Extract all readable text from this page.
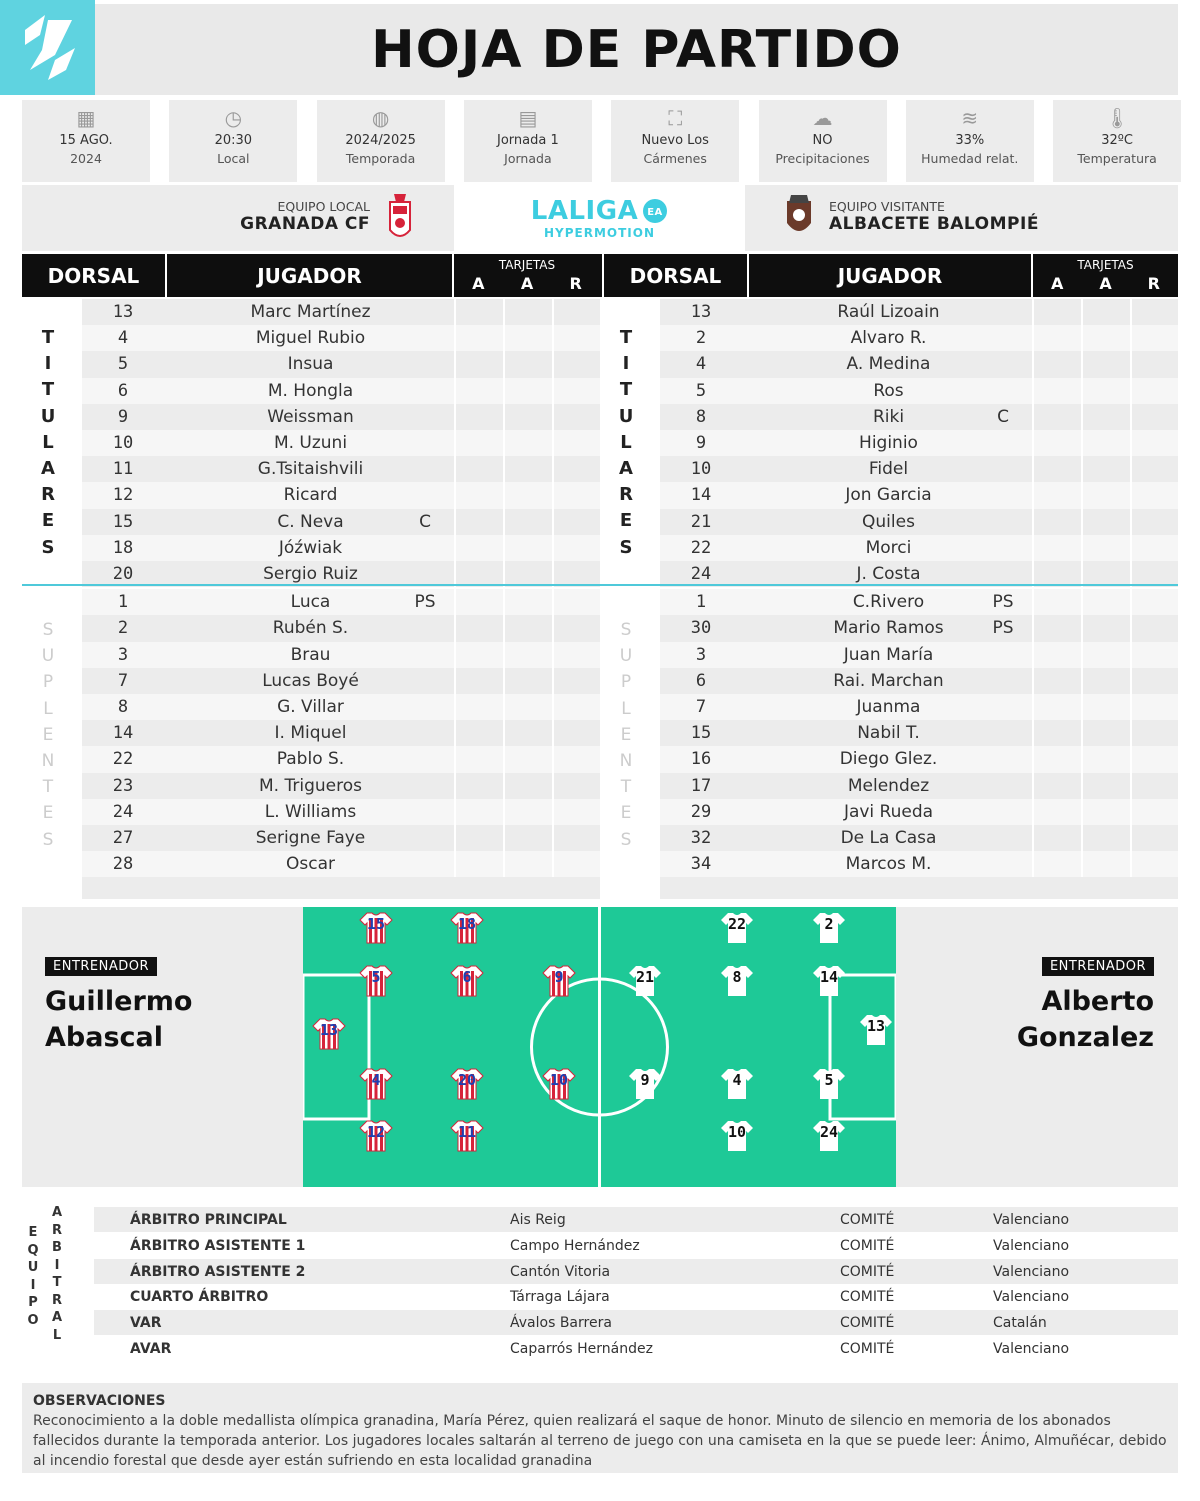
HOJA DE PARTIDO
▦
15 AGO.
2024
◷
20:30
Local
◍
2024/2025
Temporada
▤
Jornada 1
Jornada
⛶
Nuevo Los
Cármenes
☁
NO
Precipitaciones
≋
33%
Humedad relat.
🌡
32ºC
Temperatura
EQUIPO LOCAL
GRANADA CF	LALIGA EA
HYPERMOTION
EQUIPO VISITANTE
ALBACETE BALOMPIÉ
DORSAL	JUGADOR	TARJETAS
A A R	DORSAL	JUGADOR	TARJETAS
A A R
13	Marc Martínez
4	Miguel Rubio
5	Insua
6	M. Hongla
9	Weissman
10	M. Uzuni
11	G.Tsitaishvili
12	Ricard
15	C. Neva	C
18	Jóźwiak
20	Sergio Ruiz
1	Luca	PS
2	Rubén S.
3	Brau
7	Lucas Boyé
8	G. Villar
14	I. Miquel
22	Pablo S.
23	M. Trigueros
24	L. Williams
27	Serigne Faye
28	Oscar
T
I
T
U
L
A
R
E
S
S
U
P
L
E
N
T
E
S
13	Raúl Lizoain
2	Alvaro R.
4	A. Medina
5	Ros
8	Riki	C
9	Higinio
10	Fidel
14	Jon Garcia
21	Quiles
22	Morci
24	J. Costa
1	C.Rivero	PS
30	Mario Ramos	PS
3	Juan María
6	Rai. Marchan
7	Juanma
15	Nabil T.
16	Diego Glez.
17	Melendez
29	Javi Rueda
32	De La Casa
34	Marcos M.
T
I
T
U
L
A
R
E
S
S
U
P
L
E
N
T
E
S
ENTRENADOR
Guillermo
Abascal
ENTRENADOR
Alberto
Gonzalez
13
4	20	10
12	11
5	6	9
15	18
13
5
24
14
2
4
10
8
22
9
21
E
Q
U
I
P
O
A
R
B
I
T
R
A
L
ÁRBITRO PRINCIPAL	Ais Reig	COMITÉ	Valenciano
ÁRBITRO ASISTENTE 1	Campo Hernández	COMITÉ	Valenciano
ÁRBITRO ASISTENTE 2	Cantón Vitoria	COMITÉ	Valenciano
CUARTO ÁRBITRO	Tárraga Lájara	COMITÉ	Valenciano
VAR	Ávalos Barrera	COMITÉ	Catalán
AVAR	Caparrós Hernández	COMITÉ	Valenciano
OBSERVACIONES
Reconocimiento a la doble medallista olímpica granadina, María Pérez, quien realizará el saque de honor. Minuto de silencio en memoria de los abonados fallecidos durante la temporada anterior. Los jugadores locales saltarán al terreno de juego con una camiseta en la que se puede leer: Ánimo, Almuñécar, debido al incendio forestal que desde ayer están sufriendo en esta localidad granadina
